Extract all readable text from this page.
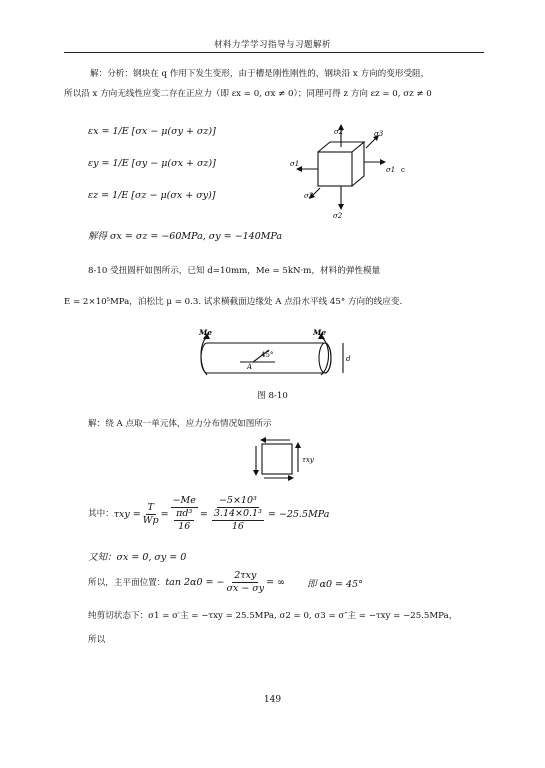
材料力学学习指导与习题解析
解：分析：钢块在 q 作用下发生变形，由于槽是刚性刚性的，钢块沿 x 方向的变形受阻，
所以沿 x 方向无线性应变二存在正应力（即 εx = 0, σx ≠ 0）；同理可得 z 方向 εz = 0, σz ≠ 0
εx = 1/E [σx − μ(σy + σz)]
εy = 1/E [σy − μ(σx + σz)]
εz = 1/E [σz − μ(σx + σy)]
σ2	σ3
σ1
σ1 c
σ3
σ2
解得 σx = σz = −60MPa, σy = −140MPa
8-10 受扭圆杆如图所示，已知 d=10mm，Me = 5kN·m，材料的弹性模量
E = 2×10⁵MPa，泊松比 μ = 0.3. 试求横截面边缘处 A 点沿水平线 45° 方向的线应变.
Me	Me
A
45°	d
图 8-10
解：绕 A 点取一单元体，应力分布情况如图所示
τxy
其中： $\tau xy = \frac{T}{Wp} = \frac{-Me}{\frac{\text{πd³}}{16}} = \frac{\text{−5×10³}}{\frac{\text{3.14×0.1³}}{16}} = -25.5MPa$
又知：σx = 0, σy = 0
所以，主平面位置： tan 2α0 = − $\frac{\text{2τxy}}{\sigma x - \sigma y}$ = ∞ 即 α0 = 45°
纯剪切状态下：σ1 = σ′主 = −τxy = 25.5MPa, σ2 = 0, σ3 = σ″主 = −τxy = −25.5MPa，
所以
149
